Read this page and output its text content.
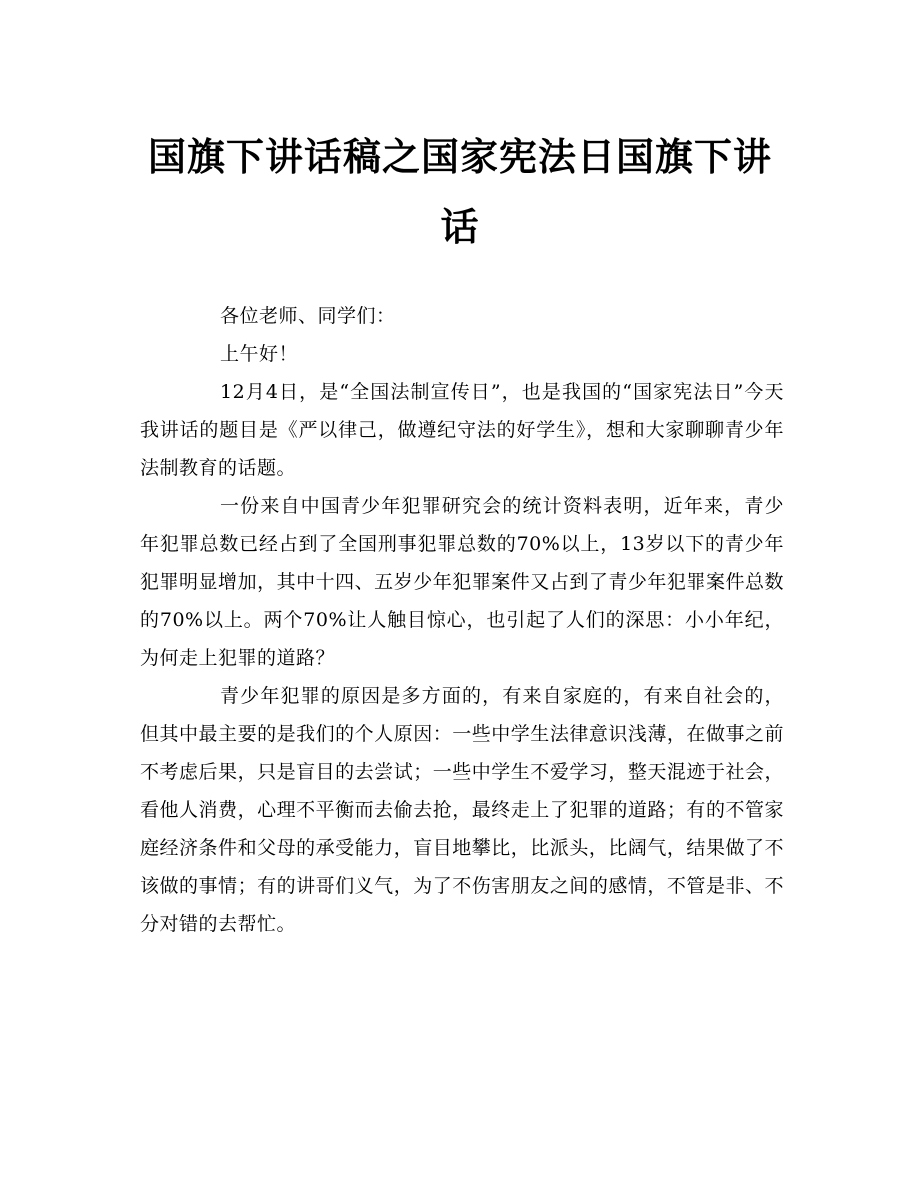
国旗下讲话稿之国家宪法日国旗下讲话

各位老师、同学们：

上午好！

12月4日，是“全国法制宣传日”，也是我国的“国家宪法日”今天我讲话的题目是《严以律己，做遵纪守法的好学生》，想和大家聊聊青少年法制教育的话题。

一份来自中国青少年犯罪研究会的统计资料表明，近年来，青少年犯罪总数已经占到了全国刑事犯罪总数的70%以上，13岁以下的青少年犯罪明显增加，其中十四、五岁少年犯罪案件又占到了青少年犯罪案件总数的70%以上。两个70%让人触目惊心，也引起了人们的深思：小小年纪，为何走上犯罪的道路？

青少年犯罪的原因是多方面的，有来自家庭的，有来自社会的，但其中最主要的是我们的个人原因：一些中学生法律意识浅薄，在做事之前不考虑后果，只是盲目的去尝试；一些中学生不爱学习，整天混迹于社会，看他人消费，心理不平衡而去偷去抢，最终走上了犯罪的道路；有的不管家庭经济条件和父母的承受能力，盲目地攀比，比派头，比阔气，结果做了不该做的事情；有的讲哥们义气，为了不伤害朋友之间的感情，不管是非、不分对错的去帮忙。
